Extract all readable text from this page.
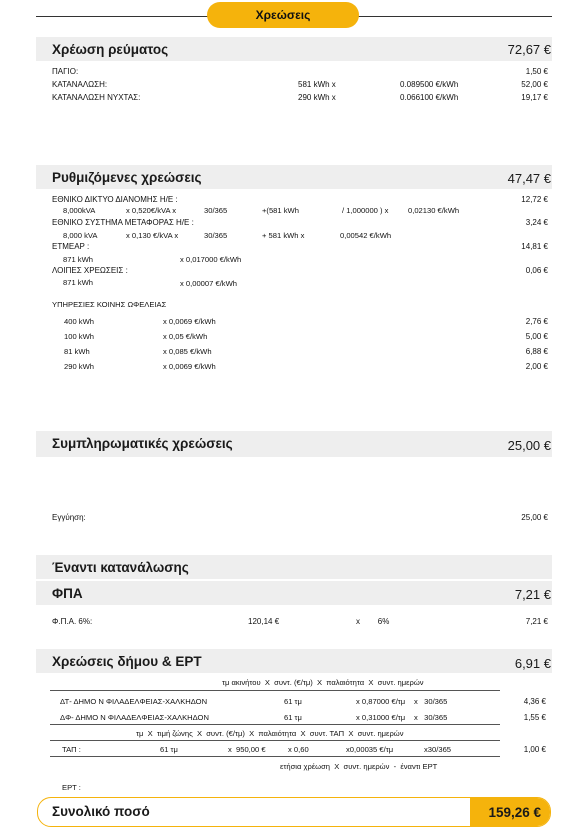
Χρεώσεις
Χρέωση ρεύματος	72,67 €
ΠΑΓΙΟ:	1,50 €
ΚΑΤΑΝΑΛΩΣΗ:	581 kWh x	0.089500 €/kWh	52,00 €
ΚΑΤΑΝΑΛΩΣΗ ΝΥΧΤΑΣ:	290 kWh x	0.066100 €/kWh	19,17 €
Ρυθμιζόμενες χρεώσεις	47,47 €
ΕΘΝΙΚΟ ΔΙΚΤΥΟ ΔΙΑΝΟΜΗΣ Η/Ε :	12,72 €
8,000kVA	x 0,520€/kVA x	30/365	+(581 kWh	/ 1,000000 ) x	0,02130 €/kWh
ΕΘΝΙΚΟ ΣΥΣΤΗΜΑ ΜΕΤΑΦΟΡΑΣ Η/Ε :	3,24 €
8,000 kVA	x 0,130 €/kVA x	30/365	+ 581 kWh x	0,00542 €/kWh
ΕΤΜΕΑΡ :	14,81 €
871 kWh	x 0,017000 €/kWh
ΛΟΙΠΕΣ ΧΡΕΩΣΕΙΣ :	0,06 €
871 kWh	x 0,00007 €/kWh
ΥΠΗΡΕΣΙΕΣ ΚΟΙΝΗΣ ΩΦΕΛΕΙΑΣ
400 kWh	x 0,0069 €/kWh	2,76 €
100 kWh	x 0,05 €/kWh	5,00 €
81 kWh	x 0,085 €/kWh	6,88 €
290 kWh	x 0,0069 €/kWh	2,00 €
Συμπληρωματικές χρεώσεις	25,00 €
Εγγύηση:	25,00 €
Έναντι κατανάλωσης
ΦΠΑ	7,21 €
Φ.Π.Α. 6%:	120,14 €	x        6%	7,21 €
Χρεώσεις δήμου & ΕΡΤ	6,91 €
τμ ακινήτου  Χ  συντ. (€/τμ)  Χ  παλαιότητα  Χ  συντ. ημερών
ΔΤ- ΔΗΜΟ Ν ΦΙΛΑΔΕΛΦΕΙΑΣ-ΧΑΛΚΗΔΟΝ	61 τμ	x 0,87000 €/τμ x   30/365	4,36 €
ΔΦ- ΔΗΜΟ Ν ΦΙΛΑΔΕΛΦΕΙΑΣ-ΧΑΛΚΗΔΟΝ	61 τμ	x 0,31000 €/τμ x   30/365	1,55 €
τμ  Χ  τιμή ζώνης  Χ  συντ. (€/τμ)  Χ  παλαιότητα  Χ  συντ. ΤΑΠ  Χ  συντ. ημερών
ΤΑΠ :	61 τμ	x  950,00 €	x 0,60	x0,00035 €/τμ	x30/365	1,00 €
ετήσια χρέωση  Χ  συντ. ημερών  -  έναντι ΕΡΤ
ΕΡΤ :
Συνολικό ποσό	159,26 €
